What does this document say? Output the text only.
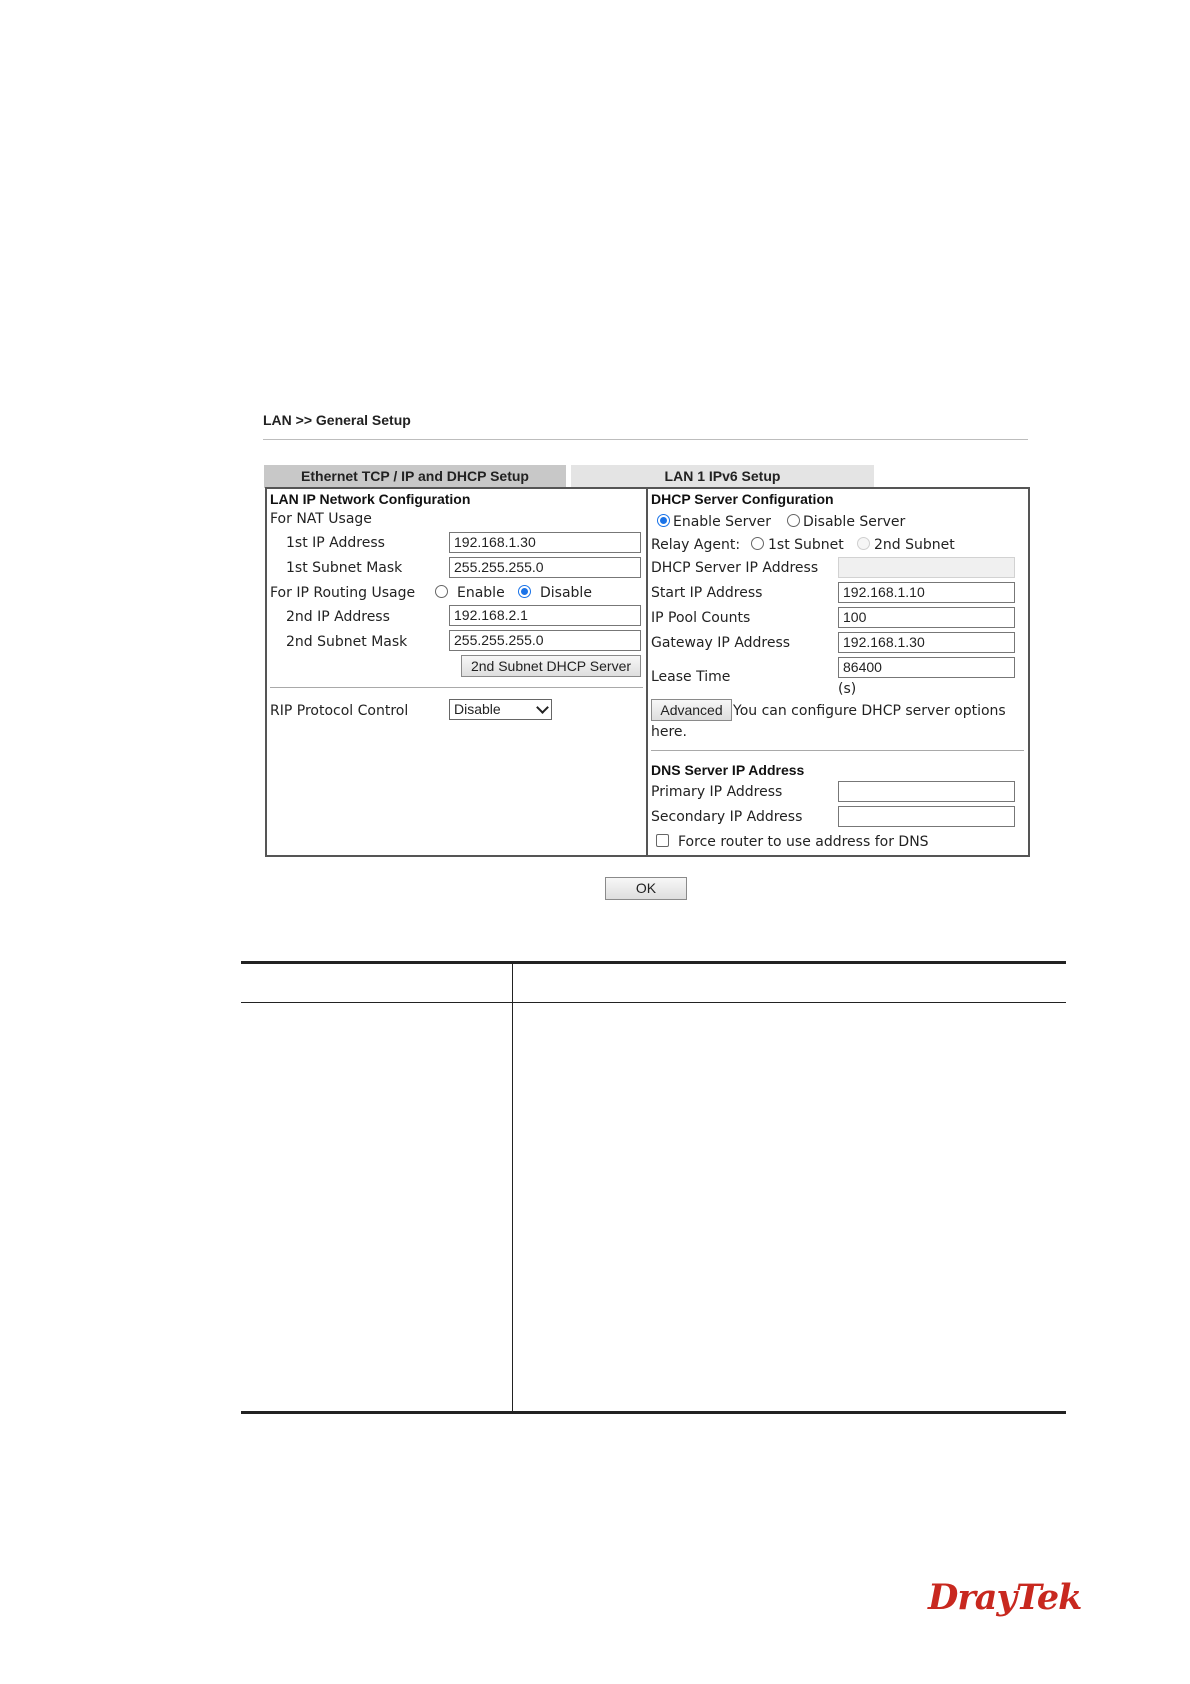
LAN >> General Setup
Ethernet TCP / IP and DHCP Setup	LAN 1 IPv6 Setup
LAN IP Network Configuration
For NAT Usage
1st IP Address	192.168.1.30
1st Subnet Mask	255.255.255.0
For IP Routing Usage	Enable	Disable
2nd IP Address	192.168.2.1
2nd Subnet Mask	255.255.255.0
2nd Subnet DHCP Server
RIP Protocol Control	Disable
DHCP Server Configuration
Enable Server Disable Server
Relay Agent: 1st Subnet 2nd Subnet
DHCP Server IP Address
Start IP Address	192.168.1.10
IP Pool Counts	100
Gateway IP Address	192.168.1.30
Lease Time
86400
(s)
Advanced You can configure DHCP server options
here.
DNS Server IP Address
Primary IP Address
Secondary IP Address
Force router to use address for DNS
OK
DrayTek
